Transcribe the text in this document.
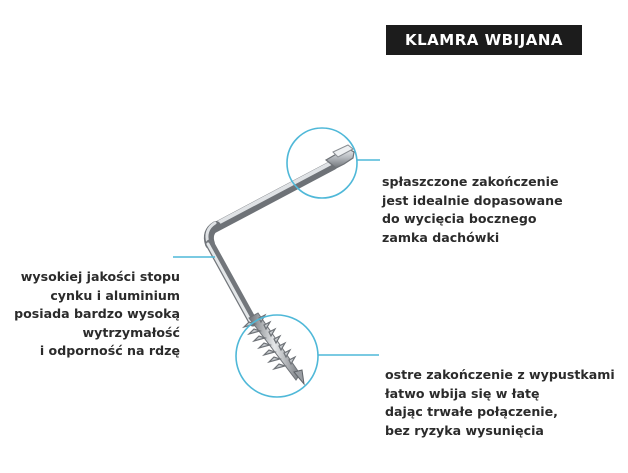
KLAMRA WBIJANA
spłaszczone zakończenie
jest idealnie dopasowane
do wycięcia bocznego
zamka dachówki
wysokiej jakości stopu
cynku i aluminium
posiada bardzo wysoką
wytrzymałość
i odporność na rdzę
ostre zakończenie z wypustkami
łatwo wbija się w łatę
dając trwałe połączenie,
bez ryzyka wysunięcia
